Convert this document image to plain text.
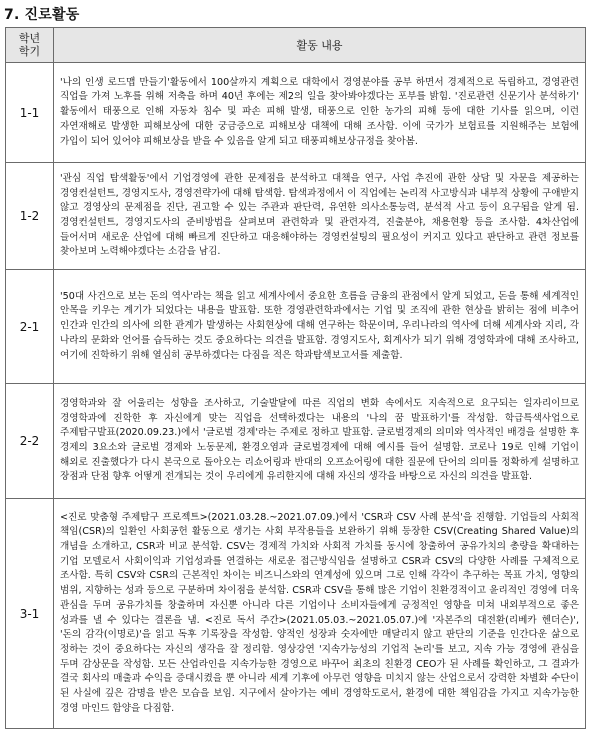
7. 진로활동
학년
학기	활동 내용
1-1	'나의 인생 로드맵 만들기'활동에서 100살까지 계획으로 대학에서 경영분야를 공부 하면서 경제적으로 독립하고, 경영관련 직업을 가져 노후를 위해 저축을 하며 40년 후에는 제2의 일을 찾아봐야겠다는 포부를 밝힘. '진로관련 신문기사 분석하기' 활동에서 태풍으로 인해 자동차 침수 및 파손 피해 발생, 태풍으로 인한 농가의 피해 등에 대한 기사를 읽으며, 이런 자연재해로 발생한 피해보상에 대한 궁금증으로 피해보상 대책에 대해 조사함. 이에 국가가 보험료를 지원해주는 보험에 가입이 되어 있어야 피해보상을 받을 수 있음을 알게 되고 태풍피해보상규정을 찾아봄.

1-2	'관심 직업 탐색활동'에서 기업경영에 관한 문제점을 분석하고 대책을 연구, 사업 추진에 관한 상담 및 자문을 제공하는 경영컨설턴트, 경영지도사, 경영전략가에 대해 탐색함. 탐색과정에서 이 직업에는 논리적 사고방식과 내부적 상황에 구애받지 않고 경영상의 문제점을 진단, 권고할 수 있는 주관과 판단력, 유연한 의사소통능력, 분석적 사고 등이 요구됨을 알게 됨. 경영컨설턴트, 경영지도사의 준비방법을 살펴보며 관련학과 및 관련자격, 진출분야, 채용현황 등을 조사함. 4차산업에 들어서며 새로운 산업에 대해 빠르게 진단하고 대응해야하는 경영컨설팅의 필요성이 커지고 있다고 판단하고 관련 정보를 찾아보며 노력해야겠다는 소감을 남김.

2-1	'50대 사건으로 보는 돈의 역사'라는 책을 읽고 세계사에서 중요한 흐름을 금융의 관점에서 알게 되었고, 돈을 통해 세계적인 안목을 키우는 계기가 되었다는 내용을 발표함. 또한 경영관련학과에서는 기업 및 조직에 관한 현상을 밝히는 점에 비추어 인간과 인간의 의사에 의한 관계가 발생하는 사회현상에 대해 연구하는 학문이며, 우리나라의 역사에 더해 세계사와 지리, 각 나라의 문화와 언어를 습득하는 것도 중요하다는 의견을 발표함. 경영지도사, 회계사가 되기 위해 경영학과에 대해 조사하고, 여기에 진학하기 위해 열심히 공부하겠다는 다짐을 적은 학과탐색보고서를 제출함.

2-2	경영학과와 잘 어울리는 성향을 조사하고, 기술발달에 따른 직업의 변화 속에서도 지속적으로 요구되는 일자리이므로 경영학과에 진학한 후 자신에게 맞는 직업을 선택하겠다는 내용의 '나의 꿈 발표하기'를 작성함. 학급특색사업으로 주제탐구발표(2020.09.23.)에서 '글로벌 경제'라는 주제로 정하고 발표함. 글로벌경제의 의미와 역사적인 배경을 설명한 후 경제의 3요소와 글로벌 경제와 노동문제, 환경오염과 글로벌경제에 대해 예시를 들어 설명함. 코로나 19로 인해 기업이 해외로 진출했다가 다시 본국으로 돌아오는 리쇼어링과 반대의 오프쇼어링에 대한 질문에 단어의 의미를 정확하게 설명하고 장점과 단점 향후 어떻게 전개되는 것이 우리에게 유리한지에 대해 자신의 생각을 바탕으로 자신의 의견을 발표함.

3-1	<진로 맞춤형 주제탐구 프로젝트>(2021.03.28.~2021.07.09.)에서 'CSR과 CSV 사례 분석'을 진행함. 기업들의 사회적 책임(CSR)의 일환인 사회공헌 활동으로 생기는 사회 부작용들을 보완하기 위해 등장한 CSV(Creating Shared Value)의 개념을 소개하고, CSR과 비교 분석함. CSV는 경제적 가치와 사회적 가치를 동시에 창출하여 공유가치의 총량을 확대하는 기업 모델로서 사회이익과 기업성과를 연결하는 새로운 접근방식임을 설명하고 CSR과 CSV의 다양한 사례를 구체적으로 조사함. 특히 CSV와 CSR의 근본적인 차이는 비즈니스와의 연계성에 있으며 그로 인해 각각이 추구하는 목표 가치, 영향의 범위, 지향하는 성과 등으로 구분하며 차이점을 분석함. CSR과 CSV을 통해 많은 기업이 친환경적이고 윤리적인 경영에 더욱 관심을 두며 공유가치를 창출하며 자신뿐 아니라 다른 기업이나 소비자들에게 긍정적인 영향을 미쳐 내외부적으로 좋은 성과를 낼 수 있다는 결론을 냄. <진로 독서 주간>(2021.05.03.~2021.05.07.)에 '자본주의 대전환(리베카 헨더슨)', '돈의 감각(이명로)'을 읽고 독후 기록장을 작성함. 양적인 성장과 숫자에만 매달리지 않고 판단의 기준을 인간다운 삶으로 정하는 것이 중요하다는 자신의 생각을 잘 정리함. 영상강연 '지속가능성의 기업적 논리'를 보고, 지속 가능 경영에 관심을 두며 감상문을 작성함. 모든 산업라인을 지속가능한 경영으로 바꾸어 최초의 친환경 CEO가 된 사례를 확인하고, 그 결과가 결국 회사의 매출과 수익을 증대시켰을 뿐 아니라 세계 기후에 아무런 영향을 미치지 않는 산업으로서 강력한 차별화 수단이 된 사실에 깊은 감명을 받은 모습을 보임. 지구에서 살아가는 예비 경영학도로서, 환경에 대한 책임감을 가지고 지속가능한 경영 마인드 함양을 다짐함.
